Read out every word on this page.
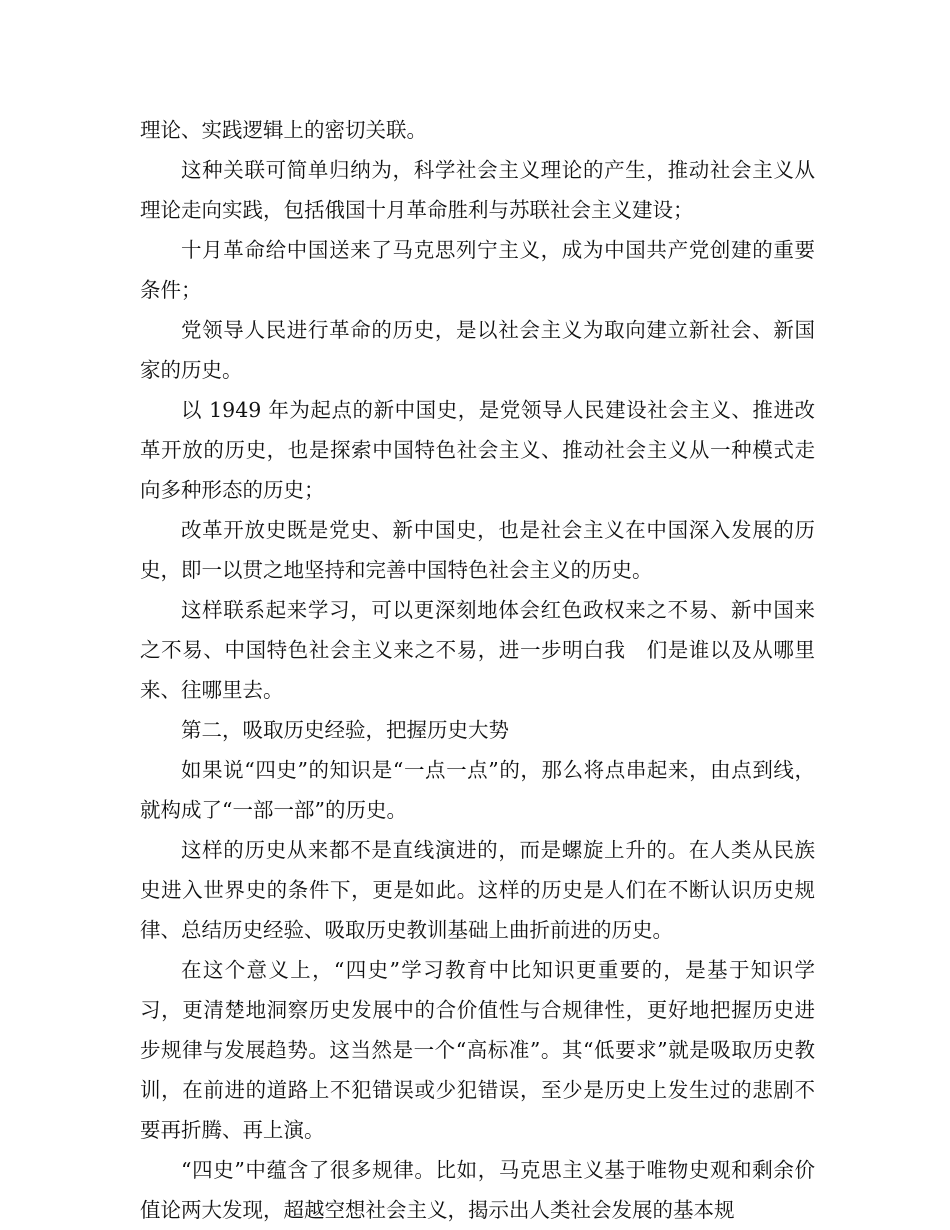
理论、实践逻辑上的密切关联。

这种关联可简单归纳为，科学社会主义理论的产生，推动社会主义从理论走向实践，包括俄国十月革命胜利与苏联社会主义建设；

十月革命给中国送来了马克思列宁主义，成为中国共产党创建的重要条件；

党领导人民进行革命的历史，是以社会主义为取向建立新社会、新国家的历史。

以 1949 年为起点的新中国史，是党领导人民建设社会主义、推进改革开放的历史，也是探索中国特色社会主义、推动社会主义从一种模式走向多种形态的历史；

改革开放史既是党史、新中国史，也是社会主义在中国深入发展的历史，即一以贯之地坚持和完善中国特色社会主义的历史。

这样联系起来学习，可以更深刻地体会红色政权来之不易、新中国来之不易、中国特色社会主义来之不易，进一步明白我　们是谁以及从哪里来、往哪里去。

第二，吸取历史经验，把握历史大势

如果说“四史”的知识是“一点一点”的，那么将点串起来，由点到线，就构成了“一部一部”的历史。

这样的历史从来都不是直线演进的，而是螺旋上升的。在人类从民族史进入世界史的条件下，更是如此。这样的历史是人们在不断认识历史规律、总结历史经验、吸取历史教训基础上曲折前进的历史。

在这个意义上，“四史”学习教育中比知识更重要的，是基于知识学习，更清楚地洞察历史发展中的合价值性与合规律性，更好地把握历史进步规律与发展趋势。这当然是一个“高标准”。其“低要求”就是吸取历史教训，在前进的道路上不犯错误或少犯错误，至少是历史上发生过的悲剧不要再折腾、再上演。

“四史”中蕴含了很多规律。比如，马克思主义基于唯物史观和剩余价值论两大发现，超越空想社会主义，揭示出人类社会发展的基本规
